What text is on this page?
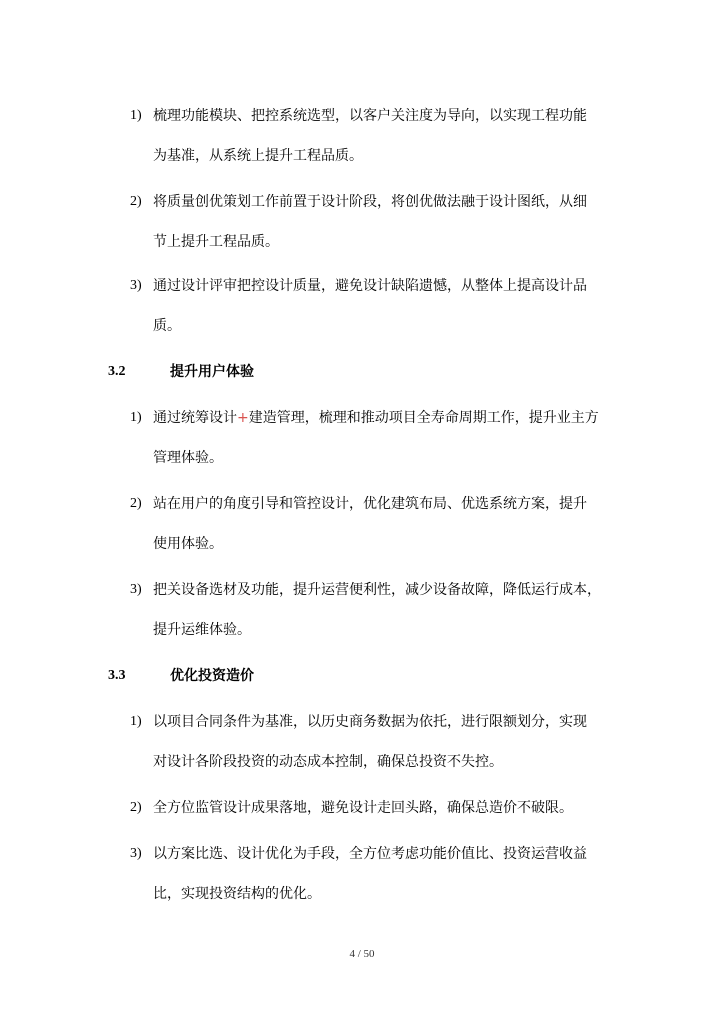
1) 梳理功能模块、把控系统选型，以客户关注度为导向，以实现工程功能
为基准，从系统上提升工程品质。
2) 将质量创优策划工作前置于设计阶段，将创优做法融于设计图纸，从细
节上提升工程品质。
3) 通过设计评审把控设计质量，避免设计缺陷遗憾，从整体上提高设计品
质。
3.2	提升用户体验
1) 通过统筹设计+建造管理，梳理和推动项目全寿命周期工作，提升业主方
管理体验。
2) 站在用户的角度引导和管控设计，优化建筑布局、优选系统方案，提升
使用体验。
3) 把关设备选材及功能，提升运营便利性，减少设备故障，降低运行成本，
提升运维体验。
3.3	优化投资造价
1) 以项目合同条件为基准，以历史商务数据为依托，进行限额划分，实现
对设计各阶段投资的动态成本控制，确保总投资不失控。
2) 全方位监管设计成果落地，避免设计走回头路，确保总造价不破限。
3) 以方案比选、设计优化为手段，全方位考虑功能价值比、投资运营收益
比，实现投资结构的优化。
4 / 50
